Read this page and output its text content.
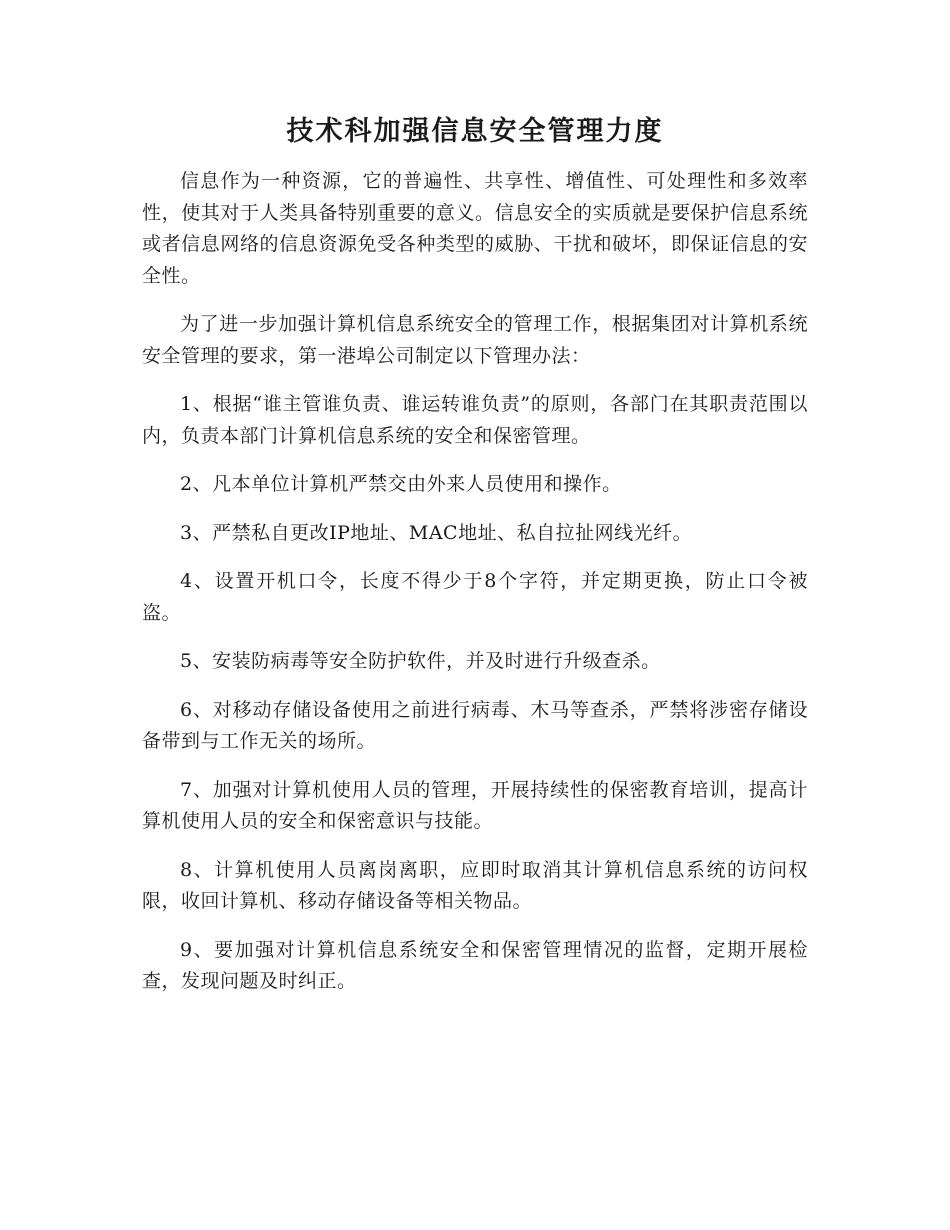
技术科加强信息安全管理力度

信息作为一种资源，它的普遍性、共享性、增值性、可处理性和多效率性，使其对于人类具备特别重要的意义。信息安全的实质就是要保护信息系统或者信息网络的信息资源免受各种类型的威胁、干扰和破坏，即保证信息的安全性。

为了进一步加强计算机信息系统安全的管理工作，根据集团对计算机系统安全管理的要求，第一港埠公司制定以下管理办法：

1、根据“谁主管谁负责、谁运转谁负责”的原则，各部门在其职责范围以内，负责本部门计算机信息系统的安全和保密管理。

2、凡本单位计算机严禁交由外来人员使用和操作。

3、严禁私自更改IP地址、MAC地址、私自拉扯网线光纤。

4、设置开机口令，长度不得少于8个字符，并定期更换，防止口令被盗。

5、安装防病毒等安全防护软件，并及时进行升级查杀。

6、对移动存储设备使用之前进行病毒、木马等查杀，严禁将涉密存储设备带到与工作无关的场所。

7、加强对计算机使用人员的管理，开展持续性的保密教育培训，提高计算机使用人员的安全和保密意识与技能。

8、计算机使用人员离岗离职，应即时取消其计算机信息系统的访问权限，收回计算机、移动存储设备等相关物品。

9、要加强对计算机信息系统安全和保密管理情况的监督，定期开展检查，发现问题及时纠正。
